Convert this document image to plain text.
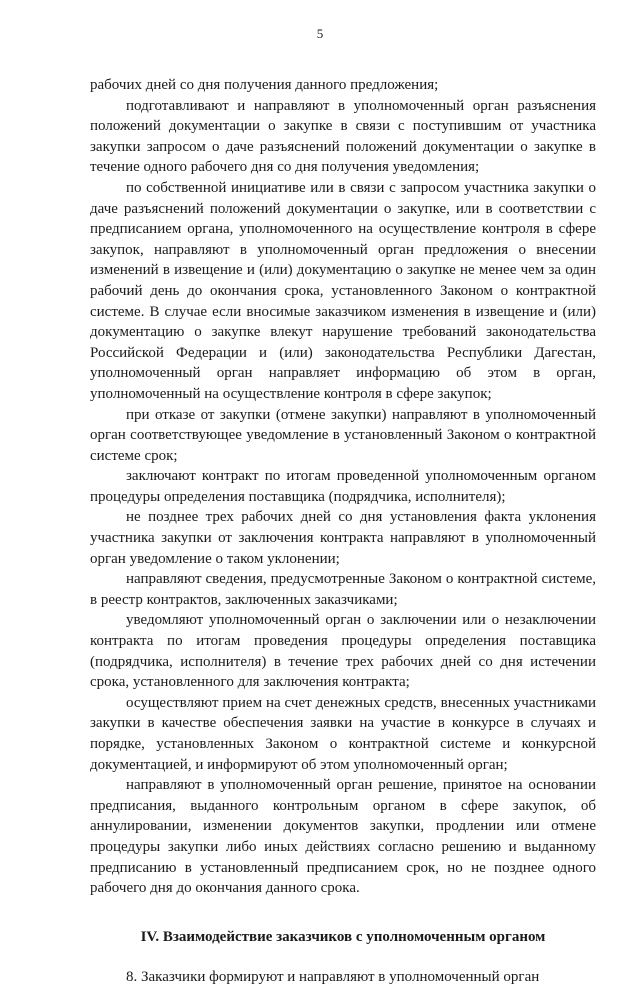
5

рабочих дней со дня получения данного предложения;

подготавливают и направляют в уполномоченный орган разъяснения положений документации о закупке в связи с поступившим от участника закупки запросом о даче разъяснений положений документации о закупке в течение одного рабочего дня со дня получения уведомления;

по собственной инициативе или в связи с запросом участника закупки о даче разъяснений положений документации о закупке, или в соответствии с предписанием органа, уполномоченного на осуществление контроля в сфере закупок, направляют в уполномоченный орган предложения о внесении изменений в извещение и (или) документацию о закупке не менее чем за один рабочий день до окончания срока, установленного Законом о контрактной системе. В случае если вносимые заказчиком изменения в извещение и (или) документацию о закупке влекут нарушение требований законодательства Российской Федерации и (или) законодательства Республики Дагестан, уполномоченный орган направляет информацию об этом в орган, уполномоченный на осуществление контроля в сфере закупок;

при отказе от закупки (отмене закупки) направляют в уполномоченный орган соответствующее уведомление в установленный Законом о контрактной системе срок;

заключают контракт по итогам проведенной уполномоченным органом процедуры определения поставщика (подрядчика, исполнителя);

не позднее трех рабочих дней со дня установления факта уклонения участника закупки от заключения контракта направляют в уполномоченный орган уведомление о таком уклонении;

направляют сведения, предусмотренные Законом о контрактной системе, в реестр контрактов, заключенных заказчиками;

уведомляют уполномоченный орган о заключении или о незаключении контракта по итогам проведения процедуры определения поставщика (подрядчика, исполнителя) в течение трех рабочих дней со дня истечении срока, установленного для заключения контракта;

осуществляют прием на счет денежных средств, внесенных участниками закупки в качестве обеспечения заявки на участие в конкурсе в случаях и порядке, установленных Законом о контрактной системе и конкурсной документацией, и информируют об этом уполномоченный орган;

направляют в уполномоченный орган решение, принятое на основании предписания, выданного контрольным органом в сфере закупок, об аннулировании, изменении документов закупки, продлении или отмене процедуры закупки либо иных действиях согласно решению и выданному предписанию в установленный предписанием срок, но не позднее одного рабочего дня до окончания данного срока.

IV. Взаимодействие заказчиков с уполномоченным органом

8. Заказчики формируют и направляют в уполномоченный орган
